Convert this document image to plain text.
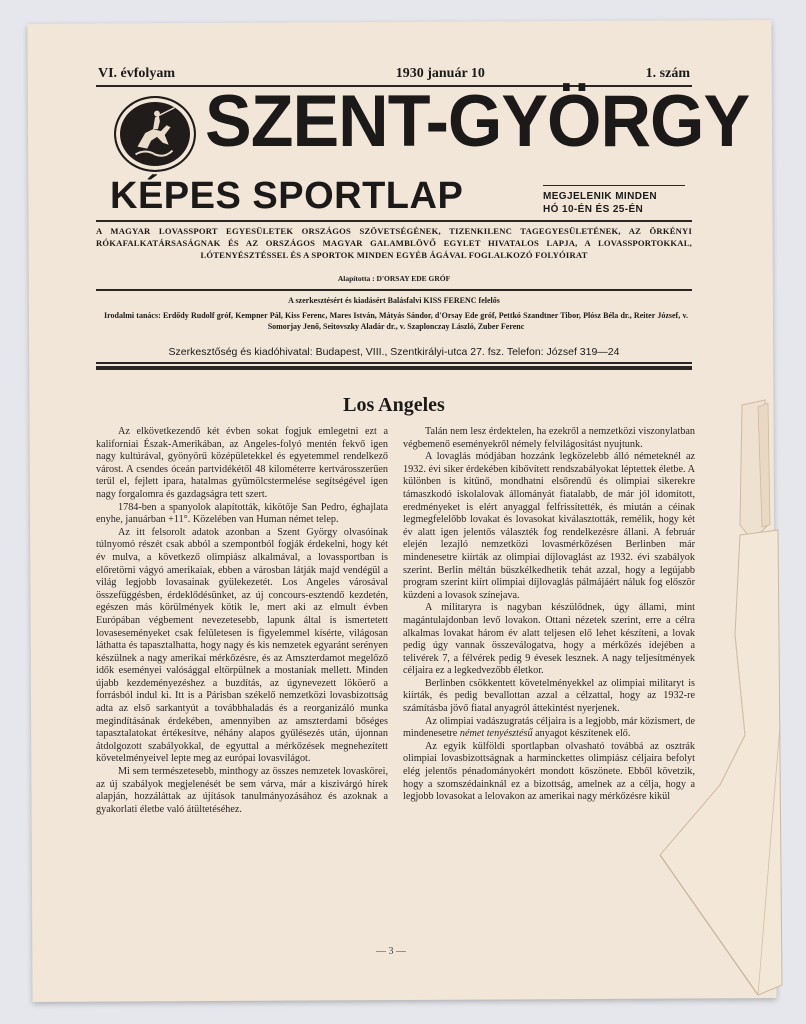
VI. évfolyam	1930 január 10	1. szám
SZENT-GYÖRGY
KÉPES SPORTLAP	MEGJELENIK MINDEN
HÓ 10-ÉN ÉS 25-ÉN
A MAGYAR LOVASSPORT EGYESÜLETEK ORSZÁGOS SZÖVETSÉGÉNEK, TIZENKILENC TAGEGYESÜLETÉNEK, AZ ÖRKÉNYI RÓKAFALKATÁRSASÁGNAK ÉS AZ ORSZÁGOS MAGYAR GALAMBLÖVŐ EGYLET HIVATALOS LAPJA, A LOVASSPORTOKKAL, LÓTENYÉSZTÉSSEL ÉS A SPORTOK MINDEN EGYÉB ÁGÁVAL FOGLALKOZÓ FOLYÓIRAT
Alapította : D'ORSAY EDE GRÓF
A szerkesztésért és kiadásért Balásfalvi KISS FERENC felelős
Irodalmi tanács: Erdődy Rudolf gróf, Kempner Pál, Kiss Ferenc, Mares István, Mátyás Sándor, d'Orsay Ede gróf, Pettkó Szandtner Tibor, Plósz Béla dr., Reiter József, v. Somorjay Jenő, Seitovszky Aladár dr., v. Szaplonczay László, Zuber Ferenc
Szerkesztőség és kiadóhivatal: Budapest, VIII., Szentkirályi-utca 27. fsz. Telefon: József 319—24
Los Angeles

Az elkövetkezendő két évben sokat fogjuk emlegetni ezt a kaliforniai Észak-Amerikában, az Angeles-folyó mentén fekvő igen nagy kultúrával, gyönyörű középületekkel és egyetemmel rendelkező várost. A csendes óceán partvidékétől 48 kilométerre kertvárosszerűen terül el, fejlett ipara, hatalmas gyümölcstermelése segítségével igen nagy forgalomra és gazdagságra tett szert.

1784-ben a spanyolok alapították, kikötője San Pedro, éghajlata enyhe, januárban +11°. Közelében van Human német telep.

Az itt felsorolt adatok azonban a Szent György olvasóinak túlnyomó részét csak abból a szempontból fogják érdekelni, hogy két év mulva, a következő olimpiász alkalmával, a lovassportban is előretörni vágyó amerikaiak, ebben a városban látják majd vendégül a világ legjobb lovasainak gyülekezetét. Los Angeles városával összefüggésben, érdeklődésünket, az új concours-esztendő kezdetén, egészen más körülmények kötik le, mert aki az elmult évben Európában végbement nevezetesebb, lapunk által is ismertetett lovaseseményeket csak felületesen is figyelemmel kísérte, világosan láthatta és tapasztalhatta, hogy nagy és kis nemzetek egyaránt serényen készülnek a nagy amerikai mérkőzésre, és az Amszterdamot megelőző idők eseményei valósággal eltörpülnek a mostaniak mellett. Minden újabb kezdeményezéshez a buzdítás, az úgynevezett lököerő a forrásból indul ki. Itt is a Párisban székelő nemzetközi lovasbizottság adta az első sarkantyút a továbbhaladás és a reorganizáló munka megindításának érdekében, amennyiben az amszterdami bőséges tapasztalatokat értékesítve, néhány alapos gyűlésezés után, újonnan átdolgozott szabályokkal, de egyuttal a mérkőzések megnehezített követelményeivel lepte meg az európai lovasvilágot.

Mi sem természetesebb, minthogy az összes nemzetek lovaskörei, az új szabályok megjelenését be sem várva, már a kiszivárgó hírek alapján, hozzáláttak az újítások tanulmányozásához és azoknak a gyakorlati életbe való átültetéséhez.

Talán nem lesz érdektelen, ha ezekről a nemzetközi viszonylatban végbemenő eseményekről némely felvilágosítást nyujtunk.

A lovaglás módjában hozzánk legközelebb álló németeknél az 1932. évi siker érdekében kibővített rendszabályokat léptettek életbe. A különben is kitűnő, mondhatni elsőrendű és olimpiai sikerekre támaszkodó iskolalovak állományát fiatalabb, de már jól idomított, eredményeket is elért anyaggal felfrissítették, és miután a céinak legmegfelelőbb lovakat és lovasokat kiválasztották, remélik, hogy két év alatt igen jelentős választék fog rendelkezésre állani. A február elején lezajló nemzetközi lovasmérkőzésen Berlinben már mindenesetre kiírták az olimpiai díjlovaglást az 1932. évi szabályok szerint. Berlin méltán büszkélkedhetik tehát azzal, hogy a legújabb program szerint kiírt olimpiai díjlovaglás pálmájáért náluk fog először küzdeni a lovasok színejava.

A militaryra is nagyban készülődnek, úgy állami, mint magántulajdonban levő lovakon. Ottani nézetek szerint, erre a célra alkalmas lovakat három év alatt teljesen elő lehet készíteni, a lovak pedig úgy vannak összeválogatva, hogy a mérkőzés idejében a telivérek 7, a félvérek pedig 9 évesek lesznek. A nagy teljesítmények céljaira ez a legkedvezőbb életkor.

Berlinben csökkentett követelményekkel az olimpiai militaryt is kiírták, és pedig bevallottan azzal a célzattal, hogy az 1932-re számításba jövő fiatal anyagról áttekintést nyerjenek.

Az olimpiai vadászugratás céljaira is a legjobb, már közismert, de mindenesetre német tenyésztésű anyagot készítenek elő.

Az egyik külföldi sportlapban olvasható továbbá az osztrák olimpiai lovasbizottságnak a harminckettes olimpiász céljaira befolyt elég jelentős pénadományokért mondott köszönete. Ebből követzik, hogy a szomszédainknál ez a bizottság, amelnek az a célja, hogy a legjobb lovasokat a lelovakon az amerikai nagy mérkőzésre kikül

— 3 —
